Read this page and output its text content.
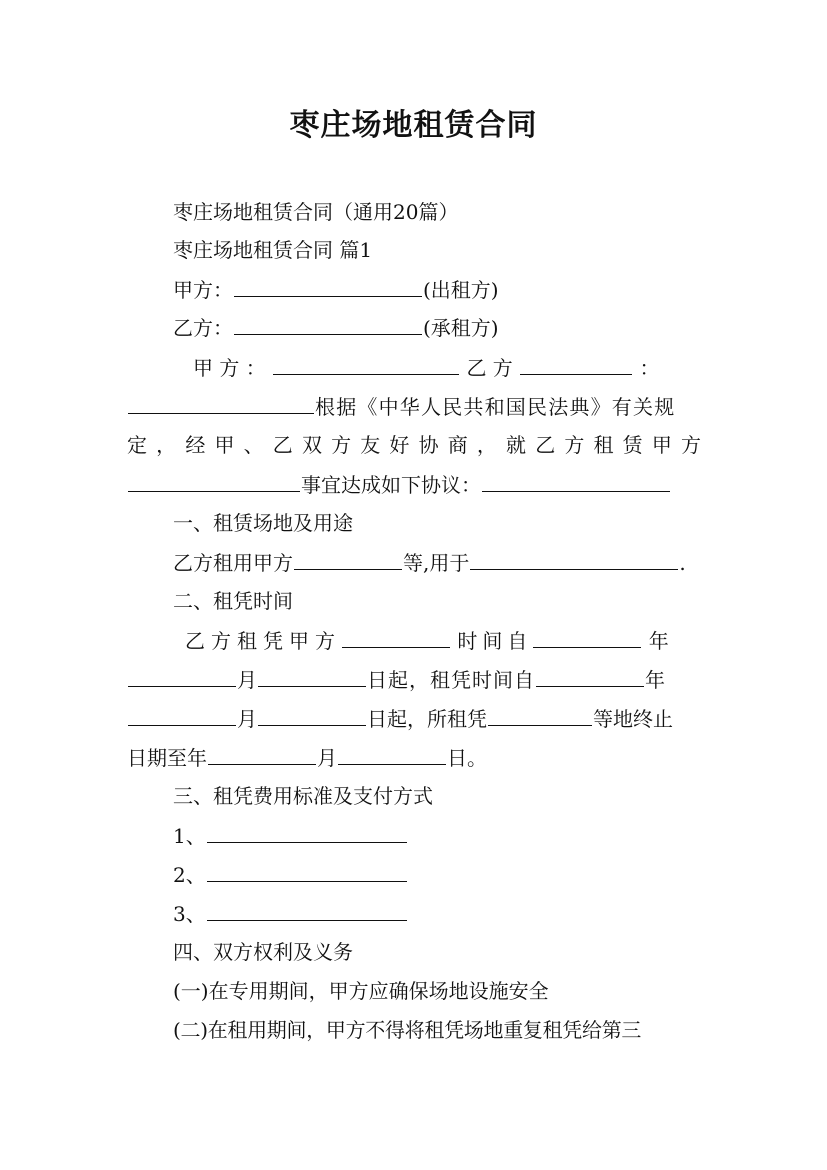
枣庄场地租赁合同
枣庄场地租赁合同（通用20篇）
枣庄场地租赁合同 篇1
甲方：	(出租方)
乙方：	(承租方)
甲 方 ：	乙 方	：
根据《中华人民共和国民法典》有关规
定，经甲、乙双方友好协商，就乙方租赁甲方
事宜达成如下协议：
一、租赁场地及用途
乙方租用甲方	等,用于	.
二、租凭时间
乙方租凭甲方	时间自	年
月	日起，租凭时间自	年
月	日起，所租凭	等地终止
日期至年	月	日。
三、租凭费用标准及支付方式
1、
2、
3、
四、双方权利及义务
(一)在专用期间，甲方应确保场地设施安全
(二)在租用期间，甲方不得将租凭场地重复租凭给第三
